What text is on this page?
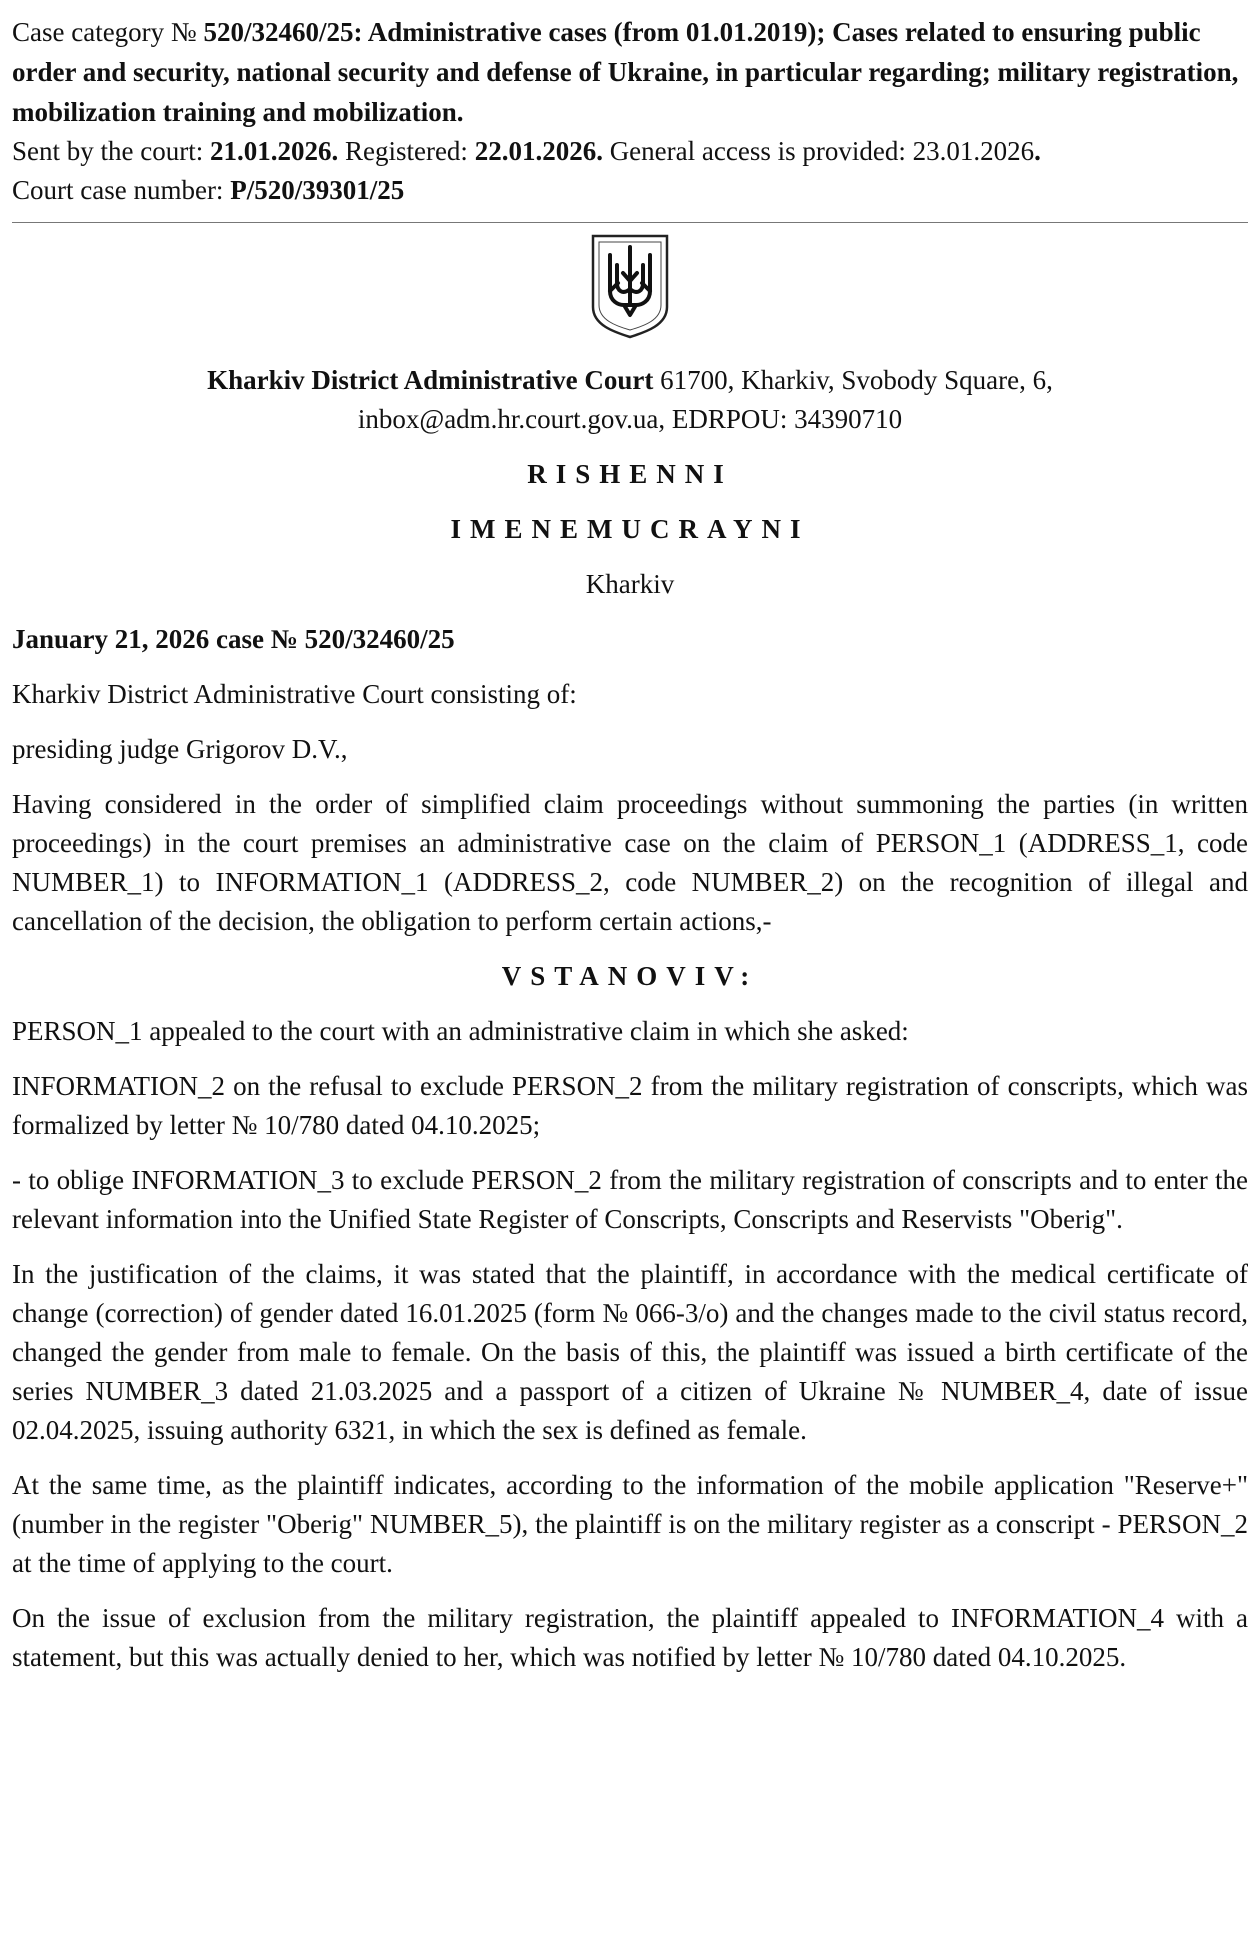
Case category № 520/32460/25: Administrative cases (from 01.01.2019); Cases related to ensuring public order and security, national security and defense of Ukraine, in particular regarding; military registration, mobilization training and mobilization.

Sent by the court: 21.01.2026. Registered: 22.01.2026. General access is provided: 23.01.2026.

Court case number: P/520/39301/25

Kharkiv District Administrative Court 61700, Kharkiv, Svobody Square, 6,
inbox@adm.hr.court.gov.ua, EDRPOU: 34390710

RISHENNI

IMENEMUCRAYNI

Kharkiv

January 21, 2026 case № 520/32460/25

Kharkiv District Administrative Court consisting of:

presiding judge Grigorov D.V.,

Having considered in the order of simplified claim proceedings without summoning the parties (in written proceedings) in the court premises an administrative case on the claim of PERSON_1 (ADDRESS_1, code NUMBER_1) to INFORMATION_1 (ADDRESS_2, code NUMBER_2) on the recognition of illegal and cancellation of the decision, the obligation to perform certain actions,-

VSTANOVIV:

PERSON_1 appealed to the court with an administrative claim in which she asked:

INFORMATION_2 on the refusal to exclude PERSON_2 from the military registration of conscripts, which was formalized by letter № 10/780 dated 04.10.2025;

- to oblige INFORMATION_3 to exclude PERSON_2 from the military registration of conscripts and to enter the relevant information into the Unified State Register of Conscripts, Conscripts and Reservists "Oberig".

In the justification of the claims, it was stated that the plaintiff, in accordance with the medical certificate of change (correction) of gender dated 16.01.2025 (form № 066-3/o) and the changes made to the civil status record, changed the gender from male to female. On the basis of this, the plaintiff was issued a birth certificate of the series NUMBER_3 dated 21.03.2025 and a passport of a citizen of Ukraine № NUMBER_4, date of issue 02.04.2025, issuing authority 6321, in which the sex is defined as female.

At the same time, as the plaintiff indicates, according to the information of the mobile application "Reserve+" (number in the register "Oberig" NUMBER_5), the plaintiff is on the military register as a conscript - PERSON_2 at the time of applying to the court.

On the issue of exclusion from the military registration, the plaintiff appealed to INFORMATION_4 with a statement, but this was actually denied to her, which was notified by letter № 10/780 dated 04.10.2025.
